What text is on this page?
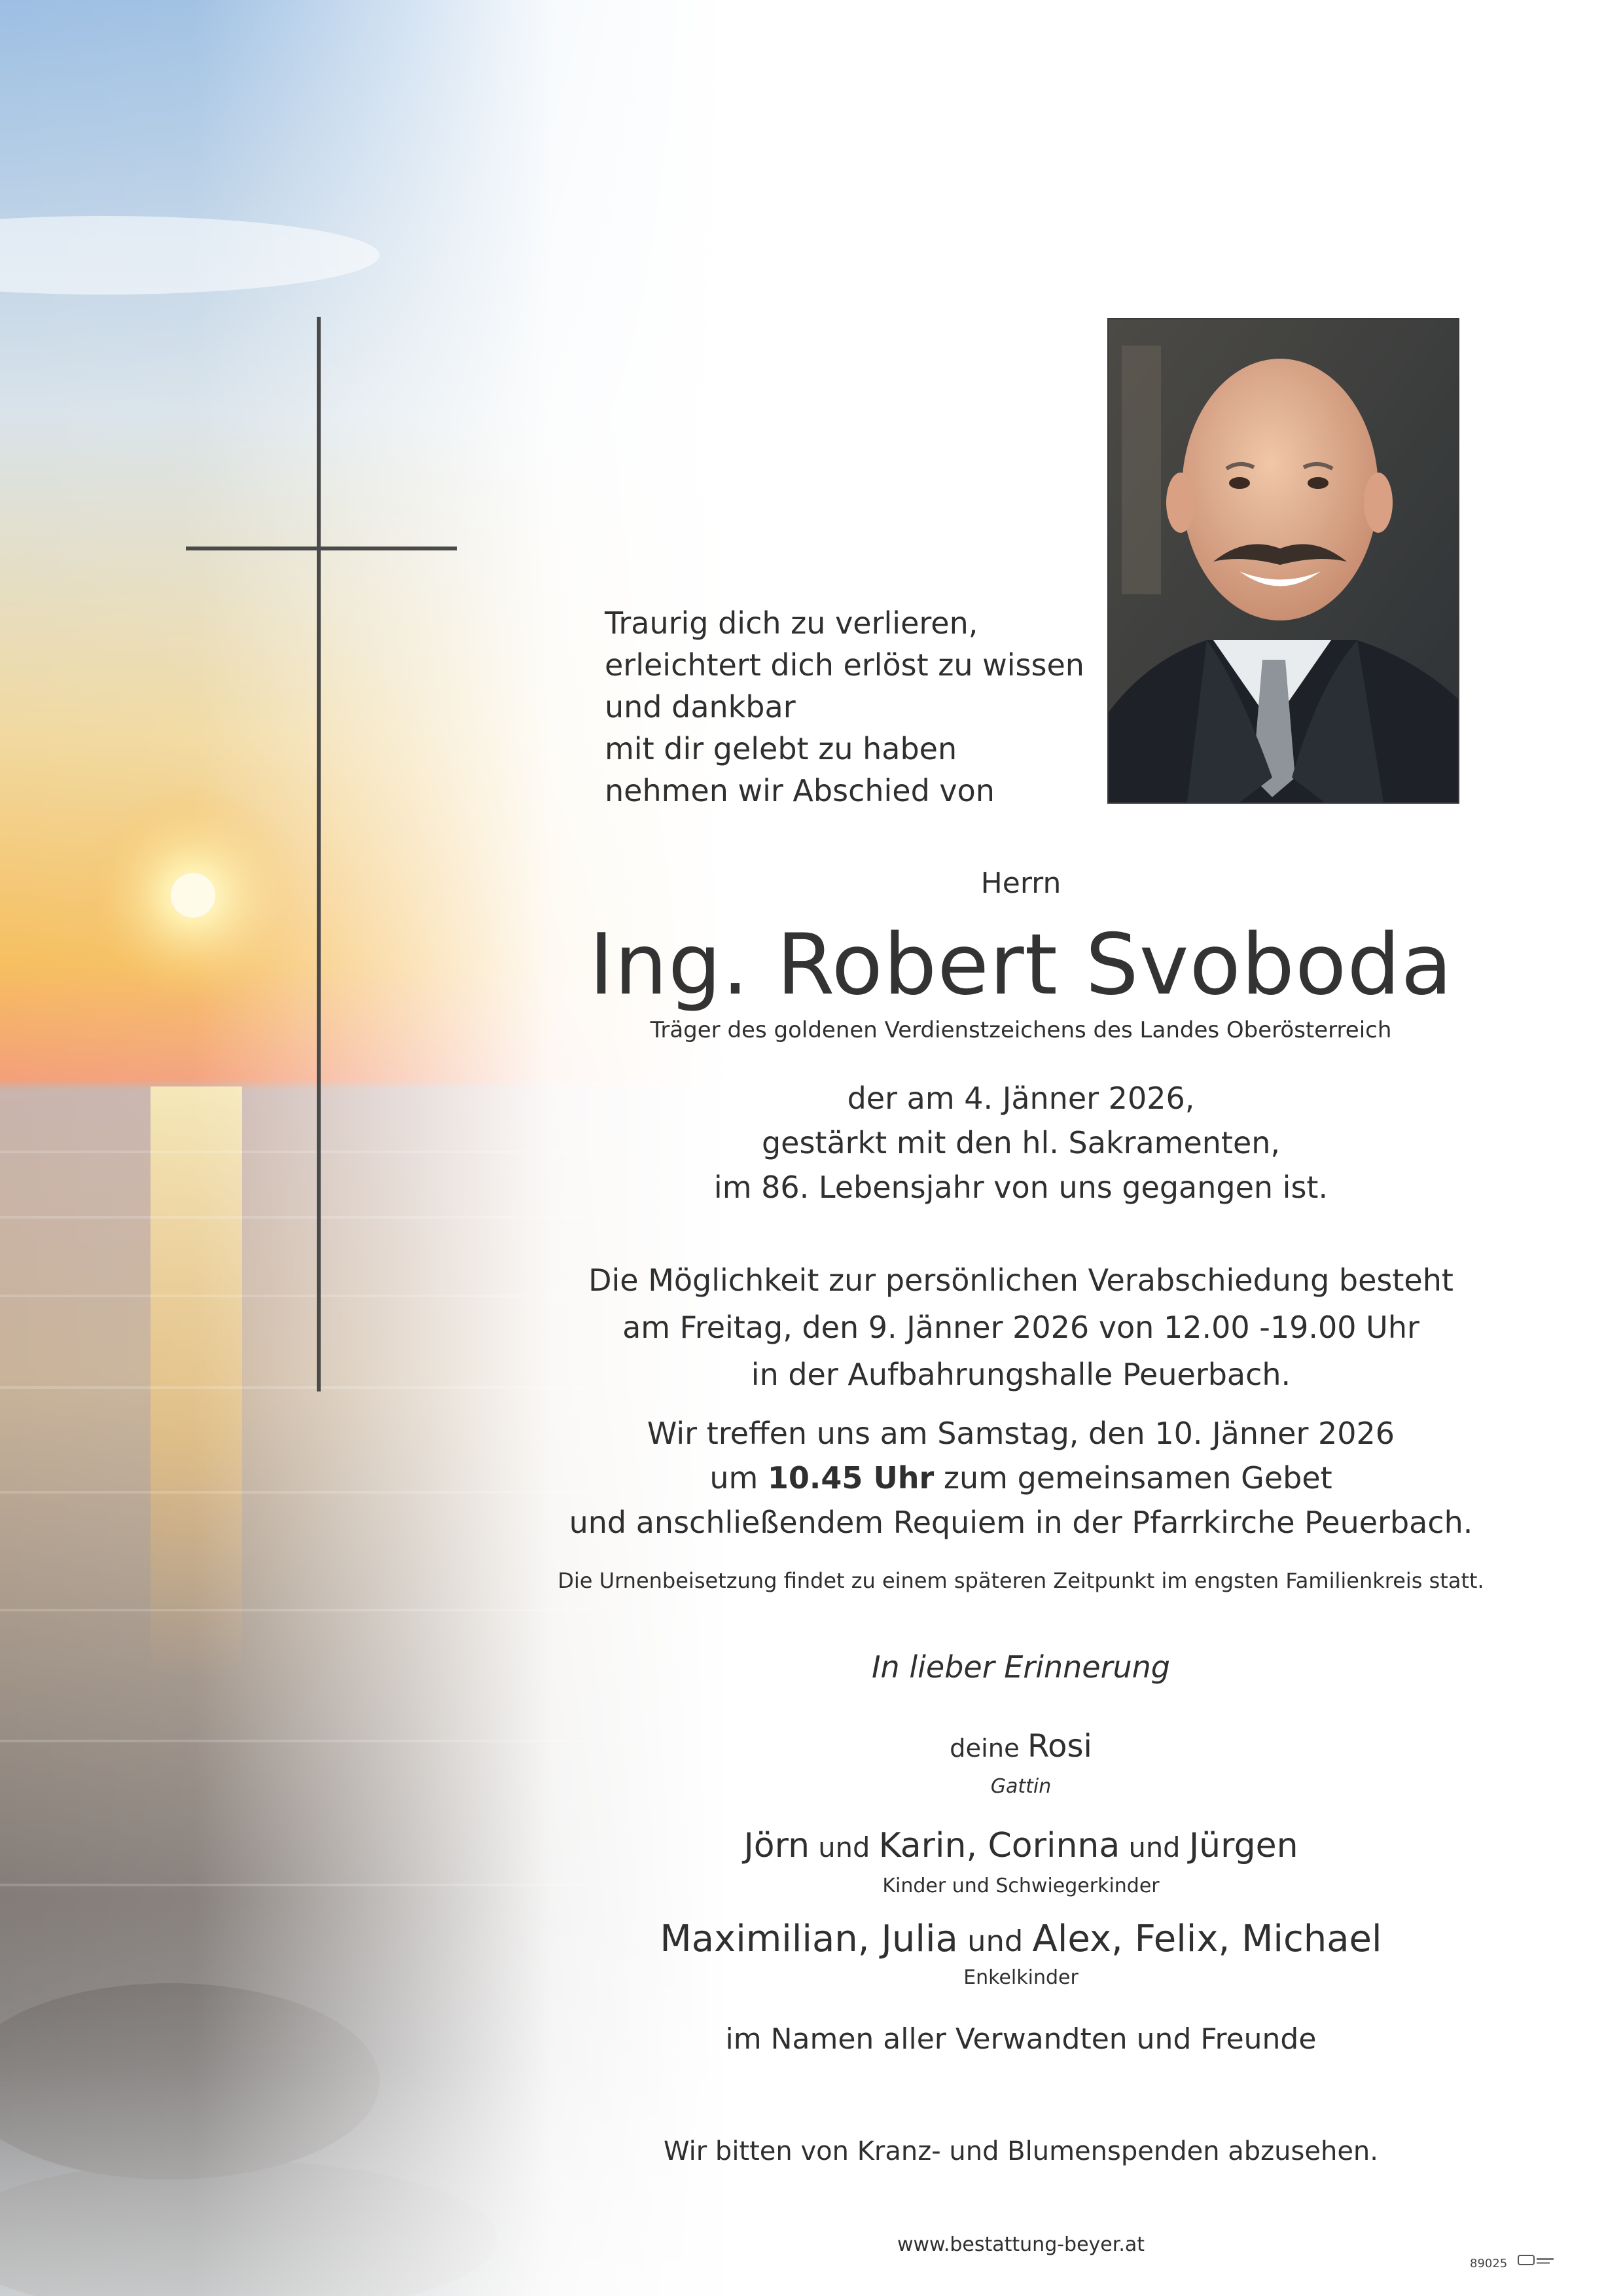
Traurig dich zu verlieren,
erleichtert dich erlöst zu wissen
und dankbar
mit dir gelebt zu haben
nehmen wir Abschied von
Herrn
Ing. Robert Svoboda
Träger des goldenen Verdienstzeichens des Landes Oberösterreich
der am 4. Jänner 2026,
gestärkt mit den hl. Sakramenten,
im 86. Lebensjahr von uns gegangen ist.
Die Möglichkeit zur persönlichen Verabschiedung besteht
am Freitag, den 9. Jänner 2026 von 12.00 -19.00 Uhr
in der Aufbahrungshalle Peuerbach.
Wir treffen uns am Samstag, den 10. Jänner 2026
um 10.45 Uhr zum gemeinsamen Gebet
und anschließendem Requiem in der Pfarrkirche Peuerbach.
Die Urnenbeisetzung findet zu einem späteren Zeitpunkt im engsten Familienkreis statt.
In lieber Erinnerung
deine Rosi
Gattin
Jörn und Karin, Corinna und Jürgen
Kinder und Schwiegerkinder
Maximilian, Julia und Alex, Felix, Michael
Enkelkinder
im Namen aller Verwandten und Freunde
Wir bitten von Kranz- und Blumenspenden abzusehen.
www.bestattung-beyer.at
89025
